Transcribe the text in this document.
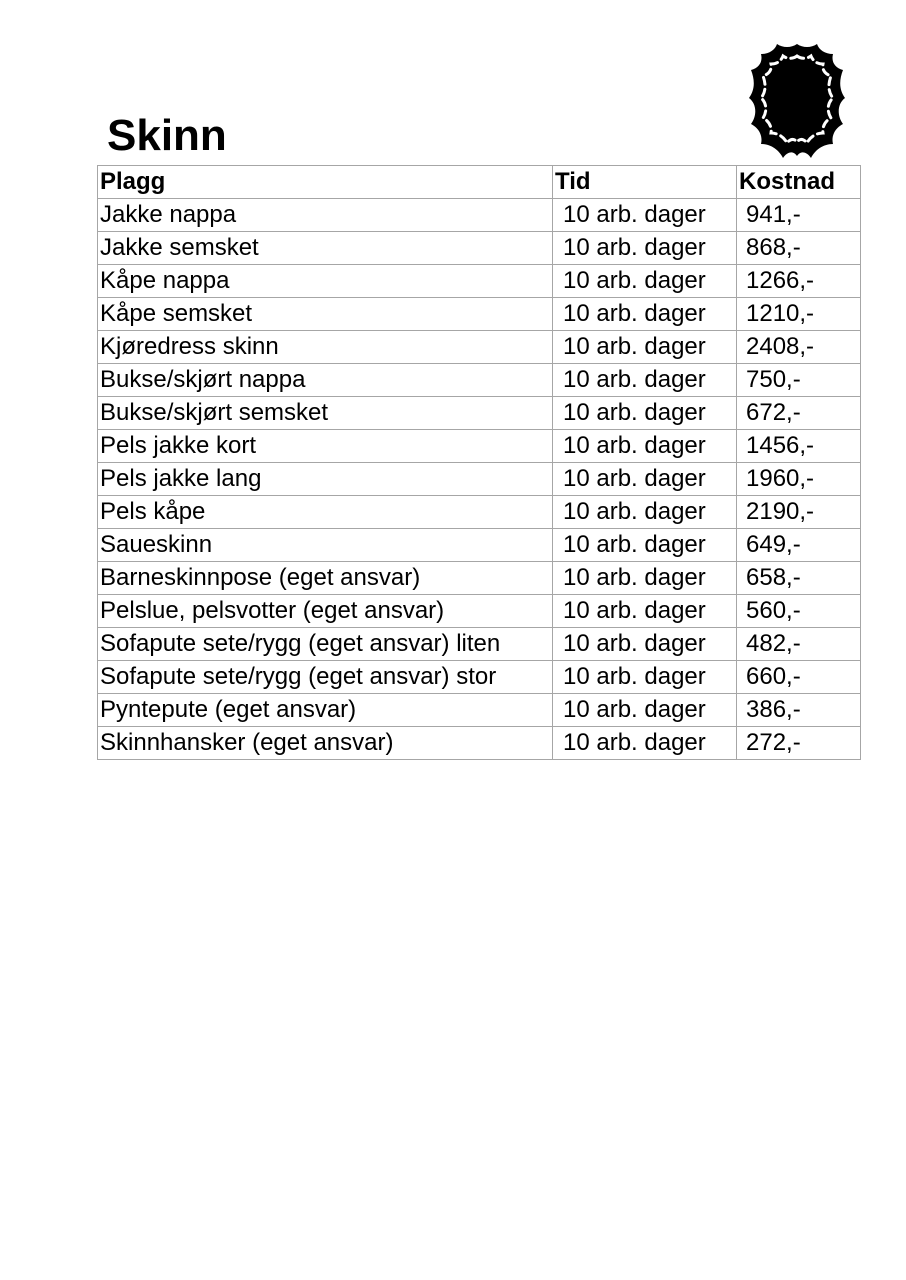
Skinn
Plagg	Tid	Kostnad
Jakke nappa	10 arb. dager	941,-
Jakke semsket	10 arb. dager	868,-
Kåpe nappa	10 arb. dager	1266,-
Kåpe semsket	10 arb. dager	1210,-
Kjøredress skinn	10 arb. dager	2408,-
Bukse/skjørt nappa	10 arb. dager	750,-
Bukse/skjørt semsket	10 arb. dager	672,-
Pels jakke kort	10 arb. dager	1456,-
Pels jakke lang	10 arb. dager	1960,-
Pels kåpe	10 arb. dager	2190,-
Saueskinn	10 arb. dager	649,-
Barneskinnpose (eget ansvar)	10 arb. dager	658,-
Pelslue, pelsvotter (eget ansvar)	10 arb. dager	560,-
Sofapute sete/rygg (eget ansvar) liten	10 arb. dager	482,-
Sofapute sete/rygg (eget ansvar) stor	10 arb. dager	660,-
Pyntepute (eget ansvar)	10 arb. dager	386,-
Skinnhansker (eget ansvar)	10 arb. dager	272,-
